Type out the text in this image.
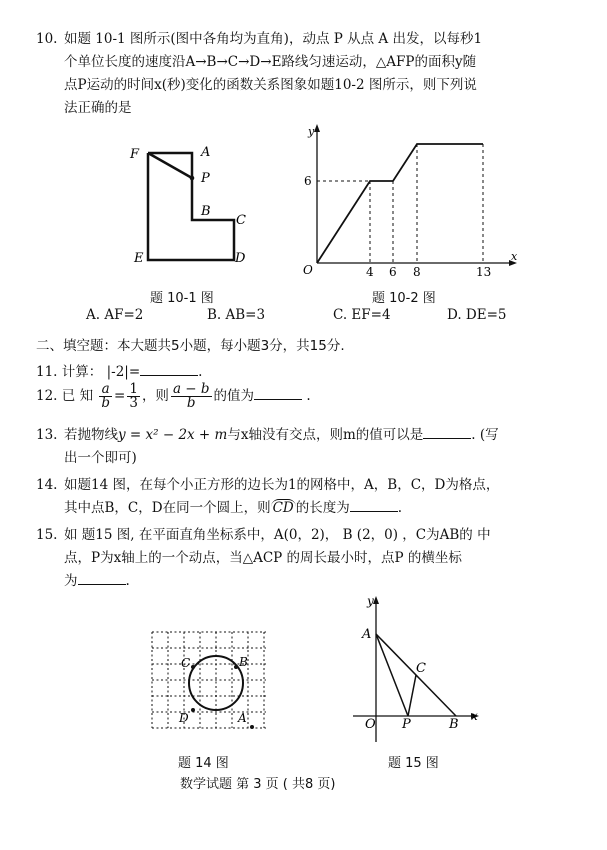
10. 如题 10-1 图所示(图中各角均为直角)，动点 P 从点 A 出发，以每秒1
个单位长度的速度沿A→B→C→D→E路线匀速运动，△AFP的面积y随
点P运动的时间x(秒)变化的函数关系图象如题10-2 图所示，则下列说
法正确的是
F	A
P
B
C
E	D
题 10-1 图
y
x
O
6
4 6 8	13
题 10-2 图
A. AF=2	B. AB=3	C. EF=4	D. DE=5
二、填空题：本大题共5小题，每小题3分，共15分.
11. 计算： |-2|=	.
12. 已 知 $\frac{a}{b} = \frac{1}{3}$ ，则 $\frac{a - b}{b}$ 的值为	.
13. 若抛物线y = x² − 2x + m与x轴没有交点，则m的值可以是	. (写
出一个即可)
14. 如题14 图，在每个小正方形的边长为1的网格中，A，B，C，D为格点，
其中点B，C，D在同一个圆上，则 CD 的长度为	.
15. 如 题15 图, 在平面直角坐标系中，A(0，2)， B (2，0) ，C为AB的 中
点，P为x轴上的一个动点，当△ACP 的周长最小时，点P 的横坐标
为	.
C	B
D	A
题 14 图
y
A
C
O P	B
x
题 15 图
数学试题 第 3 页 ( 共8 页)
